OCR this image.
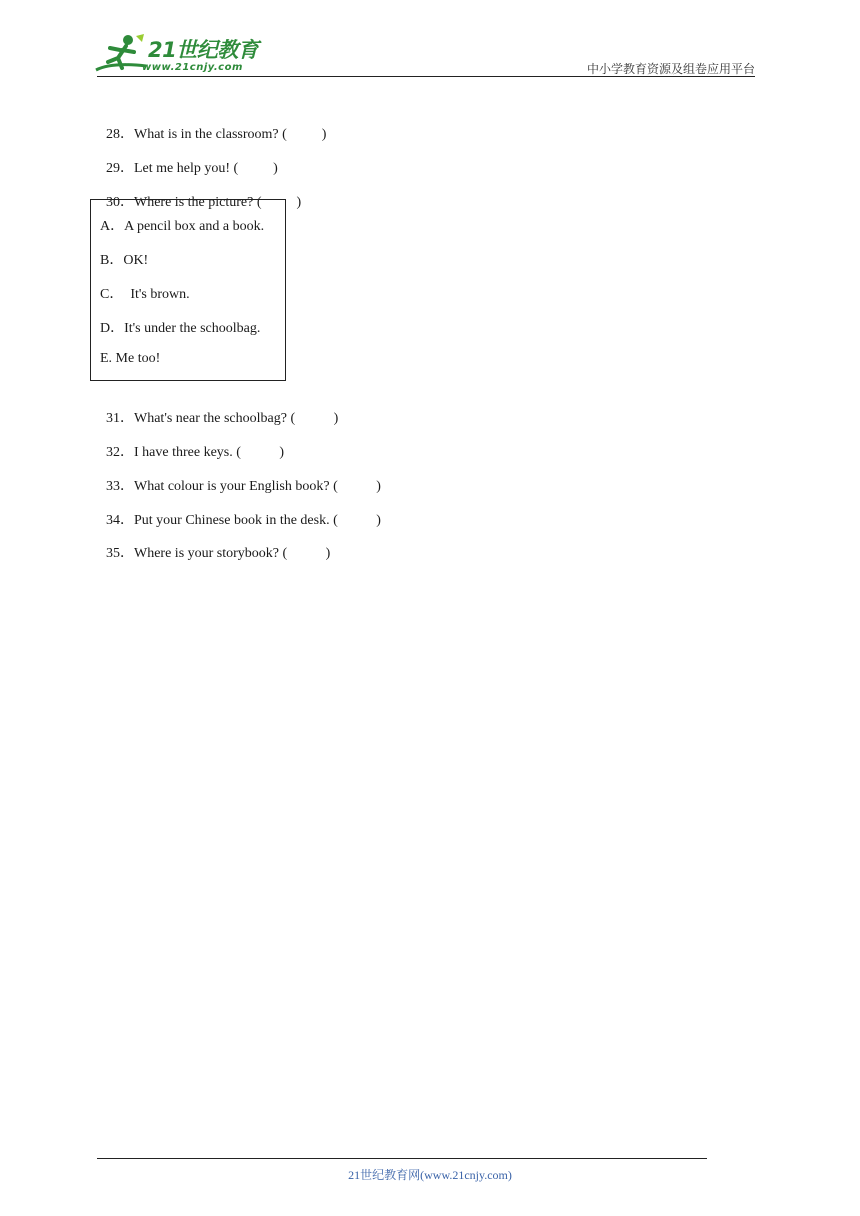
21世纪教育
www.21cnjy.com	中小学教育资源及组卷应用平台

28．What is in the classroom? (          )

29．Let me help you! (          )

30．Where is the picture? (          )

A．A pencil box and a book.
B．OK!
C．  It's brown.
D．It's under the schoolbag.
E. Me too!

31．What's near the schoolbag? (           )

32．I have three keys. (           )

33．What colour is your English book? (           )

34．Put your Chinese book in the desk. (           )

35．Where is your storybook? (           )

21世纪教育网(www.21cnjy.com)
